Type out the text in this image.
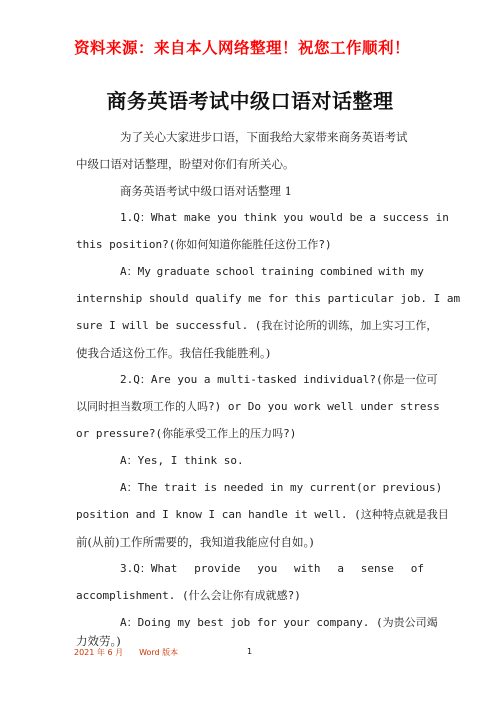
资料来源：来自本人网络整理！祝您工作顺利！
商务英语考试中级口语对话整理
为了关心大家进步口语，下面我给大家带来商务英语考试
中级口语对话整理，盼望对你们有所关心。
商务英语考试中级口语对话整理 1
1.Q：What make you think you would be a success in
this position?(你如何知道你能胜任这份工作?)
A：My graduate school training combined with my
internship should qualify me for this particular job. I am
sure I will be successful. (我在讨论所的训练，加上实习工作，
使我合适这份工作。我信任我能胜利。)
2.Q：Are you a multi-tasked individual?(你是一位可
以同时担当数项工作的人吗?) or Do you work well under stress
or pressure?(你能承受工作上的压力吗?)
A：Yes, I think so.
A：The trait is needed in my current(or previous)
position and I know I can handle it well. (这种特点就是我目
前(从前)工作所需要的，我知道我能应付自如。)
3.Q：What provide you with a sense of
accomplishment. (什么会让你有成就感?)
A：Doing my best job for your company. (为贵公司竭
力效劳。)
2021 年 6 月　　Word 版本	1
